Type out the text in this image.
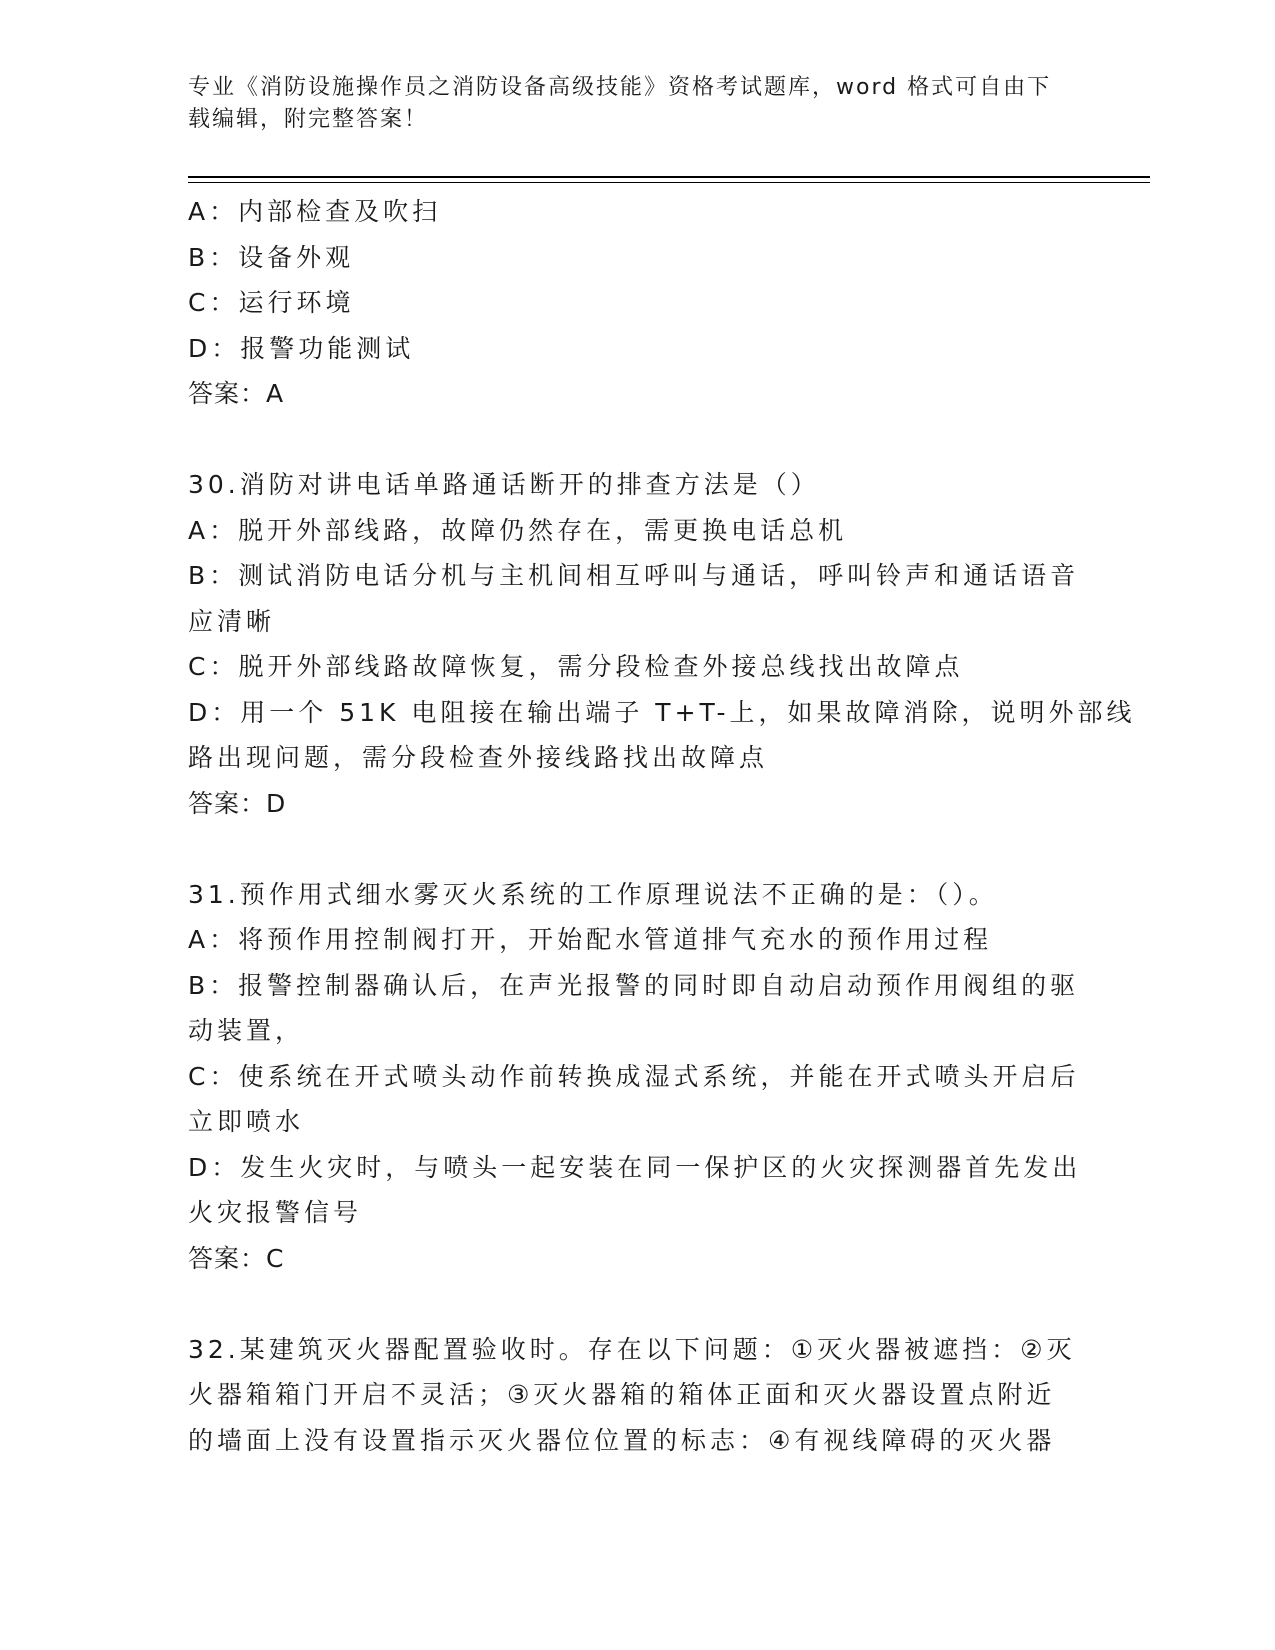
专业《消防设施操作员之消防设备高级技能》资格考试题库，word 格式可自由下
载编辑，附完整答案！
A：内部检查及吹扫
B：设备外观
C：运行环境
D：报警功能测试
答案：A
30.消防对讲电话单路通话断开的排查方法是（）
A：脱开外部线路，故障仍然存在，需更换电话总机
B：测试消防电话分机与主机间相互呼叫与通话，呼叫铃声和通话语音
应清晰
C：脱开外部线路故障恢复，需分段检查外接总线找出故障点
D：用一个 51K 电阻接在输出端子 T+T-上，如果故障消除，说明外部线
路出现问题，需分段检查外接线路找出故障点
答案：D
31.预作用式细水雾灭火系统的工作原理说法不正确的是：（）。
A：将预作用控制阀打开，开始配水管道排气充水的预作用过程
B：报警控制器确认后，在声光报警的同时即自动启动预作用阀组的驱
动装置，
C：使系统在开式喷头动作前转换成湿式系统，并能在开式喷头开启后
立即喷水
D：发生火灾时，与喷头一起安装在同一保护区的火灾探测器首先发出
火灾报警信号
答案：C
32.某建筑灭火器配置验收时。存在以下问题：①灭火器被遮挡：②灭
火器箱箱门开启不灵活；③灭火器箱的箱体正面和灭火器设置点附近
的墙面上没有设置指示灭火器位位置的标志：④有视线障碍的灭火器
